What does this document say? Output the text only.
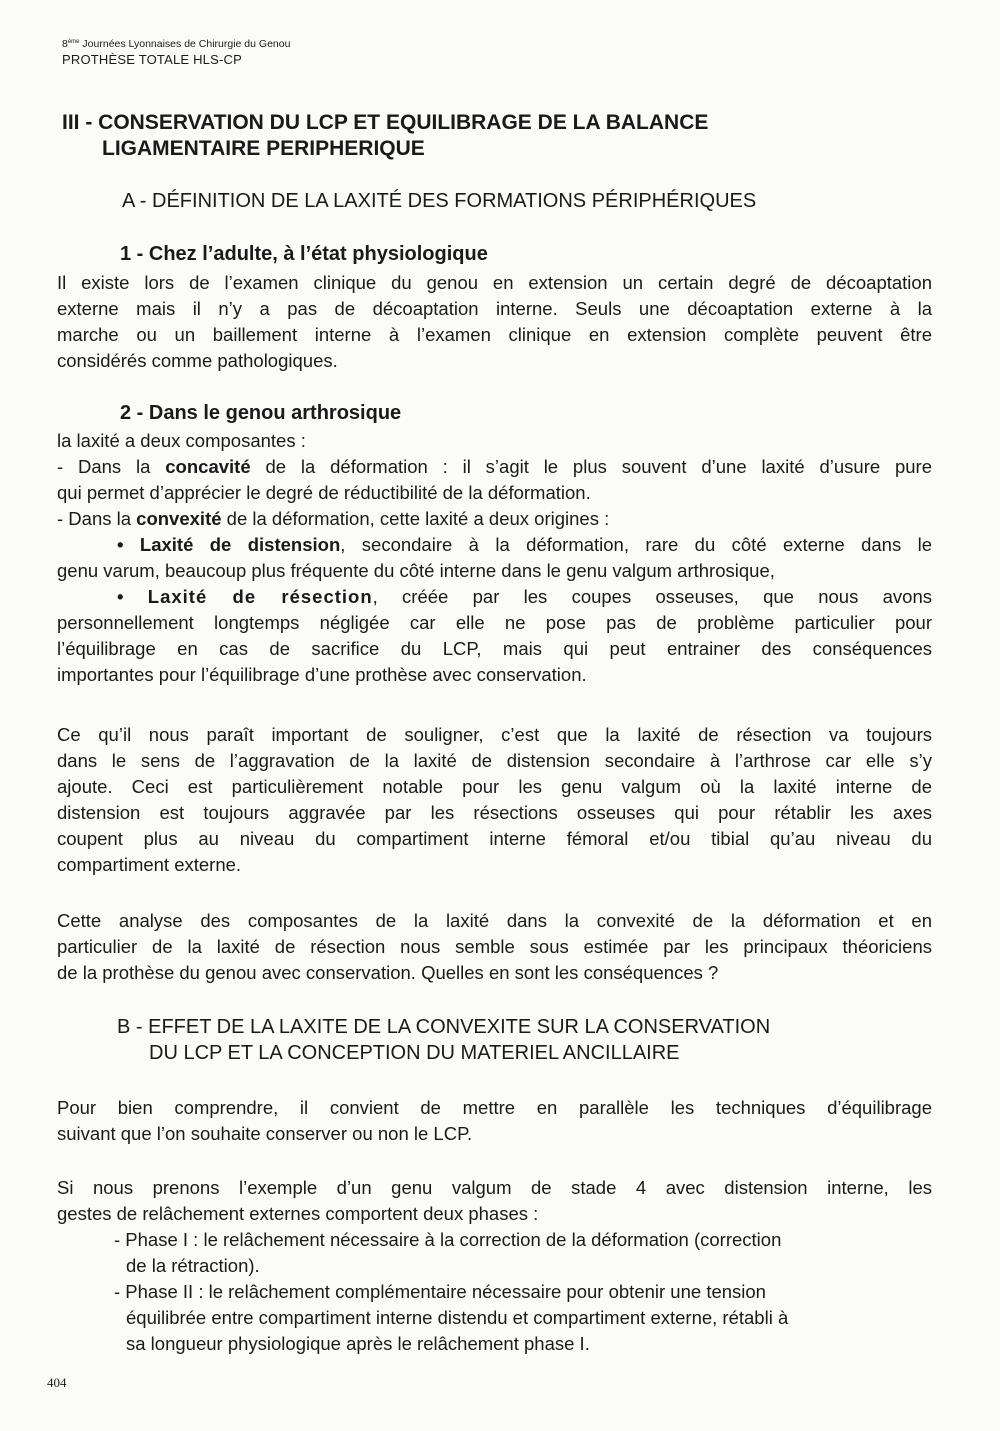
8ème Journées Lyonnaises de Chirurgie du Genou
PROTHÈSE TOTALE HLS-CP
III - CONSERVATION DU LCP ET EQUILIBRAGE DE LA BALANCE
LIGAMENTAIRE PERIPHERIQUE
A - DÉFINITION DE LA LAXITÉ DES FORMATIONS PÉRIPHÉRIQUES
1 - Chez l’adulte, à l’état physiologique
Il existe lors de l’examen clinique du genou en extension un certain degré de décoaptation
externe mais il n’y a pas de décoaptation interne. Seuls une décoaptation externe à la
marche ou un baillement interne à l’examen clinique en extension complète peuvent être
considérés comme pathologiques.
2 - Dans le genou arthrosique
la laxité a deux composantes :
- Dans la concavité de la déformation : il s’agit le plus souvent d’une laxité d’usure pure
qui permet d’apprécier le degré de réductibilité de la déformation.
- Dans la convexité de la déformation, cette laxité a deux origines :
• Laxité de distension, secondaire à la déformation, rare du côté externe dans le
genu varum, beaucoup plus fréquente du côté interne dans le genu valgum arthrosique,
• Laxité de résection, créée par les coupes osseuses, que nous avons
personnellement longtemps négligée car elle ne pose pas de problème particulier pour
l’équilibrage en cas de sacrifice du LCP, mais qui peut entrainer des conséquences
importantes pour l’équilibrage d’une prothèse avec conservation.
Ce qu’il nous paraît important de souligner, c’est que la laxité de résection va toujours
dans le sens de l’aggravation de la laxité de distension secondaire à l’arthrose car elle s’y
ajoute. Ceci est particulièrement notable pour les genu valgum où la laxité interne de
distension est toujours aggravée par les résections osseuses qui pour rétablir les axes
coupent plus au niveau du compartiment interne fémoral et/ou tibial qu’au niveau du
compartiment externe.
Cette analyse des composantes de la laxité dans la convexité de la déformation et en
particulier de la laxité de résection nous semble sous estimée par les principaux théoriciens
de la prothèse du genou avec conservation. Quelles en sont les conséquences ?
B - EFFET DE LA LAXITE DE LA CONVEXITE SUR LA CONSERVATION
DU LCP ET LA CONCEPTION DU MATERIEL ANCILLAIRE
Pour bien comprendre, il convient de mettre en parallèle les techniques d’équilibrage
suivant que l’on souhaite conserver ou non le LCP.
Si nous prenons l’exemple d’un genu valgum de stade 4 avec distension interne, les
gestes de relâchement externes comportent deux phases :
- Phase I : le relâchement nécessaire à la correction de la déformation (correction
de la rétraction).
- Phase II : le relâchement complémentaire nécessaire pour obtenir une tension
équilibrée entre compartiment interne distendu et compartiment externe, rétabli à
sa longueur physiologique après le relâchement phase I.
404
